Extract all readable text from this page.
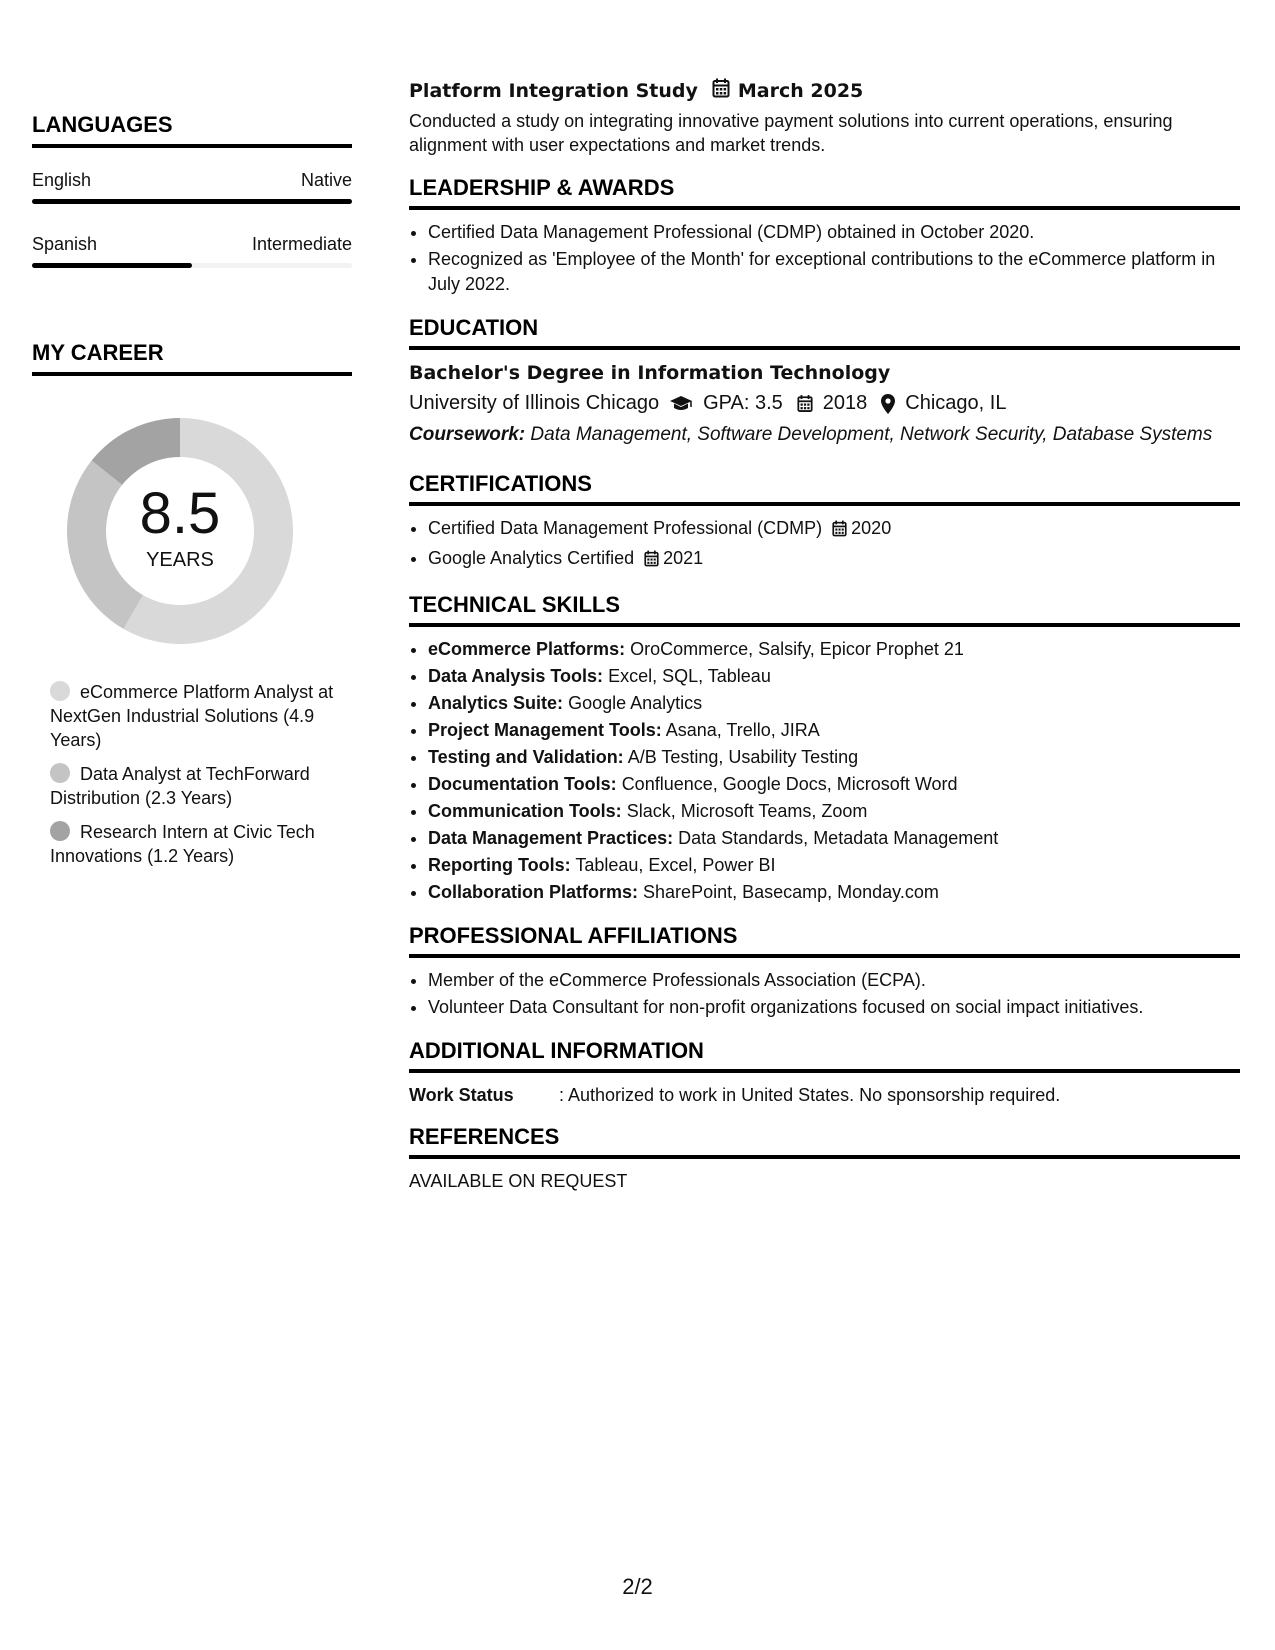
LANGUAGES
English	Native
Spanish	Intermediate
MY CAREER
8.5
YEARS
eCommerce Platform Analyst at NextGen Industrial Solutions (4.9 Years)
Data Analyst at TechForward Distribution (2.3 Years)
Research Intern at Civic Tech Innovations (1.2 Years)
Platform Integration Study March 2025
Conducted a study on integrating innovative payment solutions into current operations, ensuring alignment with user expectations and market trends.
LEADERSHIP & AWARDS
• Certified Data Management Professional (CDMP) obtained in October 2020.
• Recognized as 'Employee of the Month' for exceptional contributions to the eCommerce platform in July 2022.
EDUCATION
Bachelor's Degree in Information Technology
University of Illinois Chicago GPA: 3.5 2018 Chicago, IL
Coursework: Data Management, Software Development, Network Security, Database Systems
CERTIFICATIONS
• Certified Data Management Professional (CDMP) 2020
• Google Analytics Certified 2021
TECHNICAL SKILLS
• eCommerce Platforms: OroCommerce, Salsify, Epicor Prophet 21
• Data Analysis Tools: Excel, SQL, Tableau
• Analytics Suite: Google Analytics
• Project Management Tools: Asana, Trello, JIRA
• Testing and Validation: A/B Testing, Usability Testing
• Documentation Tools: Confluence, Google Docs, Microsoft Word
• Communication Tools: Slack, Microsoft Teams, Zoom
• Data Management Practices: Data Standards, Metadata Management
• Reporting Tools: Tableau, Excel, Power BI
• Collaboration Platforms: SharePoint, Basecamp, Monday.com
PROFESSIONAL AFFILIATIONS
• Member of the eCommerce Professionals Association (ECPA).
• Volunteer Data Consultant for non-profit organizations focused on social impact initiatives.
ADDITIONAL INFORMATION
Work Status	: Authorized to work in United States. No sponsorship required.
REFERENCES
AVAILABLE ON REQUEST
2/2
